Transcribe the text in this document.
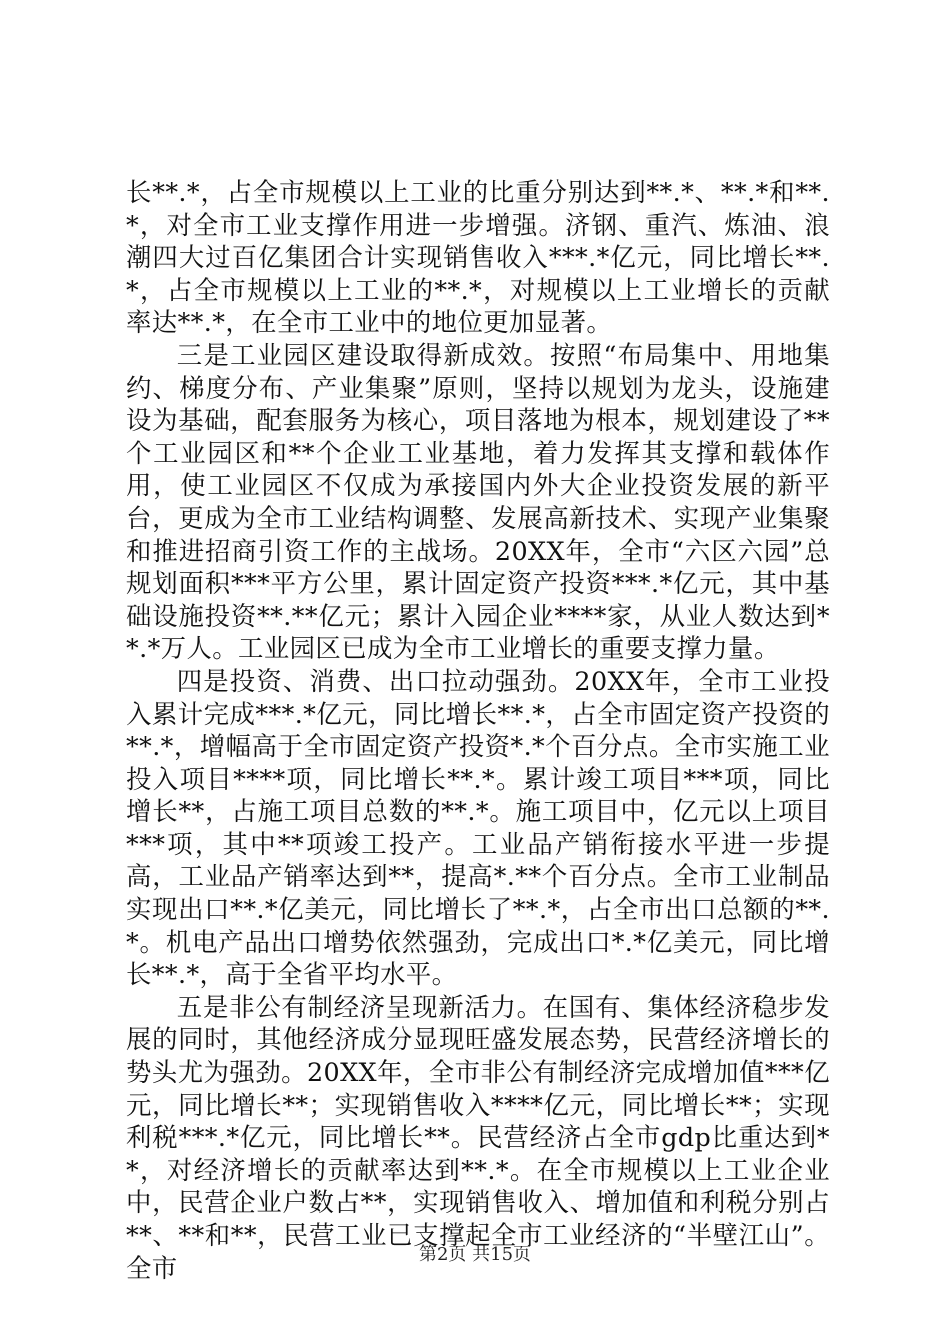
长**.*，占全市规模以上工业的比重分别达到**.*、**.*和**.*，对全市工业支撑作用进一步增强。济钢、重汽、炼油、浪潮四大过百亿集团合计实现销售收入***.*亿元，同比增长**.*，占全市规模以上工业的**.*，对规模以上工业增长的贡献率达**.*，在全市工业中的地位更加显著。

三是工业园区建设取得新成效。按照“布局集中、用地集约、梯度分布、产业集聚”原则，坚持以规划为龙头，设施建设为基础，配套服务为核心，项目落地为根本，规划建设了**个工业园区和**个企业工业基地，着力发挥其支撑和载体作用，使工业园区不仅成为承接国内外大企业投资发展的新平台，更成为全市工业结构调整、发展高新技术、实现产业集聚和推进招商引资工作的主战场。20XX年，全市“六区六园”总规划面积***平方公里，累计固定资产投资***.*亿元，其中基础设施投资**.**亿元；累计入园企业****家，从业人数达到**.*万人。工业园区已成为全市工业增长的重要支撑力量。

四是投资、消费、出口拉动强劲。20XX年，全市工业投入累计完成***.*亿元，同比增长**.*，占全市固定资产投资的**.*，增幅高于全市固定资产投资*.*个百分点。全市实施工业投入项目****项，同比增长**.*。累计竣工项目***项，同比增长**，占施工项目总数的**.*。施工项目中，亿元以上项目***项，其中**项竣工投产。工业品产销衔接水平进一步提高，工业品产销率达到**，提高*.**个百分点。全市工业制品实现出口**.*亿美元，同比增长了**.*，占全市出口总额的**.*。机电产品出口增势依然强劲，完成出口*.*亿美元，同比增长**.*，高于全省平均水平。

五是非公有制经济呈现新活力。在国有、集体经济稳步发展的同时，其他经济成分显现旺盛发展态势，民营经济增长的势头尤为强劲。20XX年，全市非公有制经济完成增加值***亿元，同比增长**；实现销售收入****亿元，同比增长**；实现利税***.*亿元，同比增长**。民营经济占全市gdp比重达到**，对经济增长的贡献率达到**.*。在全市规模以上工业企业中，民营企业户数占**，实现销售收入、增加值和利税分别占**、**和**，民营工业已支撑起全市工业经济的“半壁江山”。全市	第2页 共15页
